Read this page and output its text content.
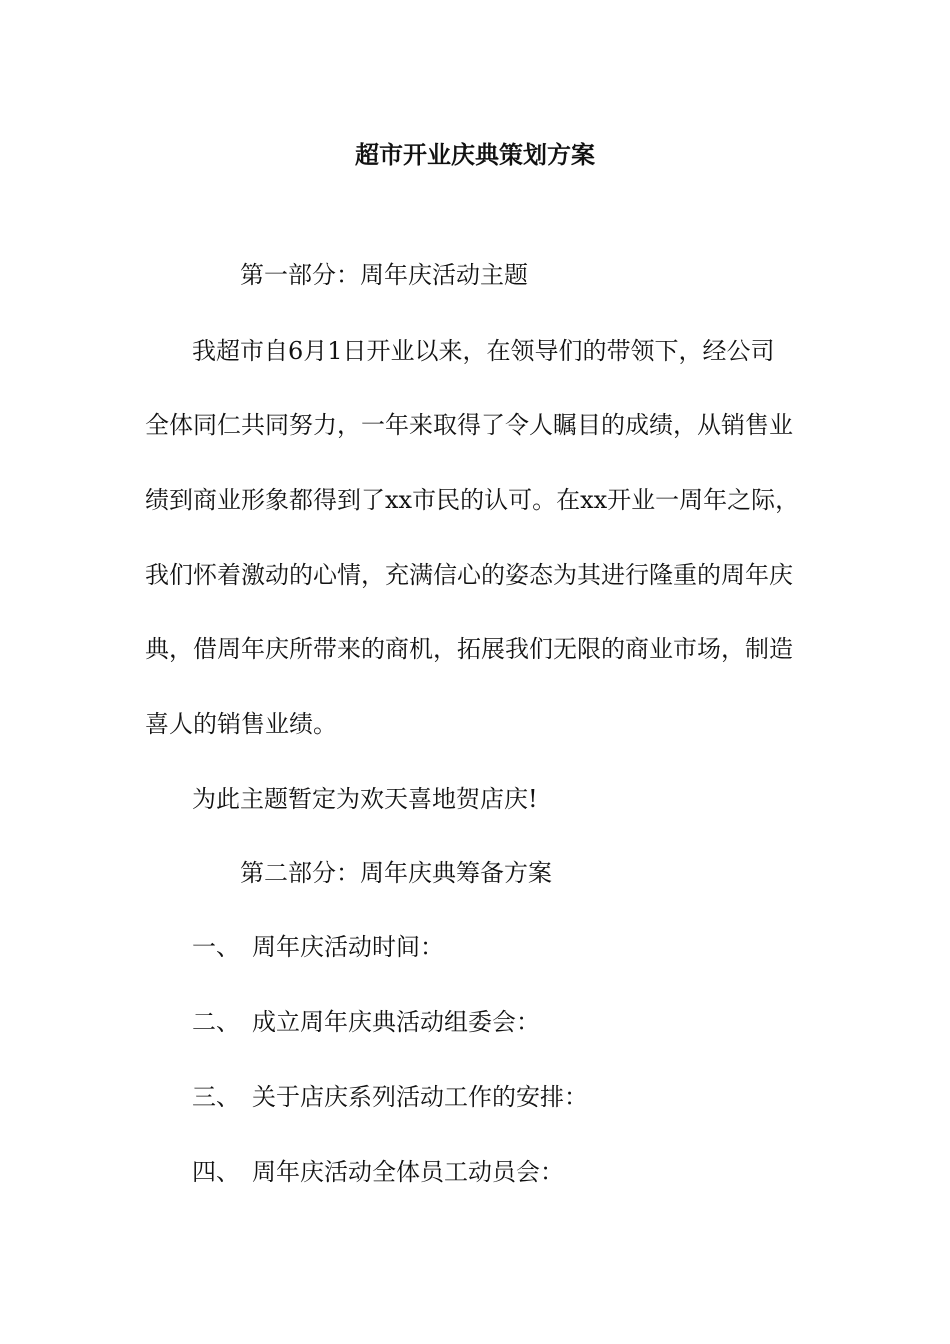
超市开业庆典策划方案
第一部分：周年庆活动主题
我超市自6月1日开业以来，在领导们的带领下，经公司
全体同仁共同努力，一年来取得了令人瞩目的成绩，从销售业
绩到商业形象都得到了xx市民的认可。在xx开业一周年之际，
我们怀着激动的心情，充满信心的姿态为其进行隆重的周年庆
典，借周年庆所带来的商机，拓展我们无限的商业市场，制造
喜人的销售业绩。
为此主题暂定为欢天喜地贺店庆!
第二部分：周年庆典筹备方案
一、 周年庆活动时间：
二、 成立周年庆典活动组委会：
三、 关于店庆系列活动工作的安排：
四、 周年庆活动全体员工动员会：
